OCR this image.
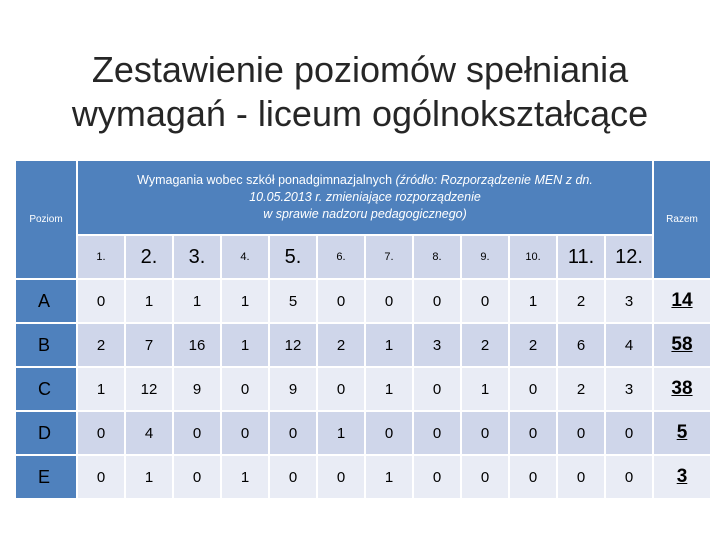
Zestawienie poziomów spełniania
wymagań - liceum ogólnokształcące
Poziom	Wymagania wobec szkół ponadgimnazjalnych (źródło: Rozporządzenie MEN z dn.
10.05.2013 r. zmieniające rozporządzenie
w sprawie nadzoru pedagogicznego)												Razem
	1.	2.	3.	4.	5.	6.	7.	8.	9.	10.	11.	12.	
A	0	1	1	1	5	0	0	0	0	1	2	3	14
B	2	7	16	1	12	2	1	3	2	2	6	4	58
C	1	12	9	0	9	0	1	0	1	0	2	3	38
D	0	4	0	0	0	1	0	0	0	0	0	0	5
E	0	1	0	1	0	0	1	0	0	0	0	0	3
